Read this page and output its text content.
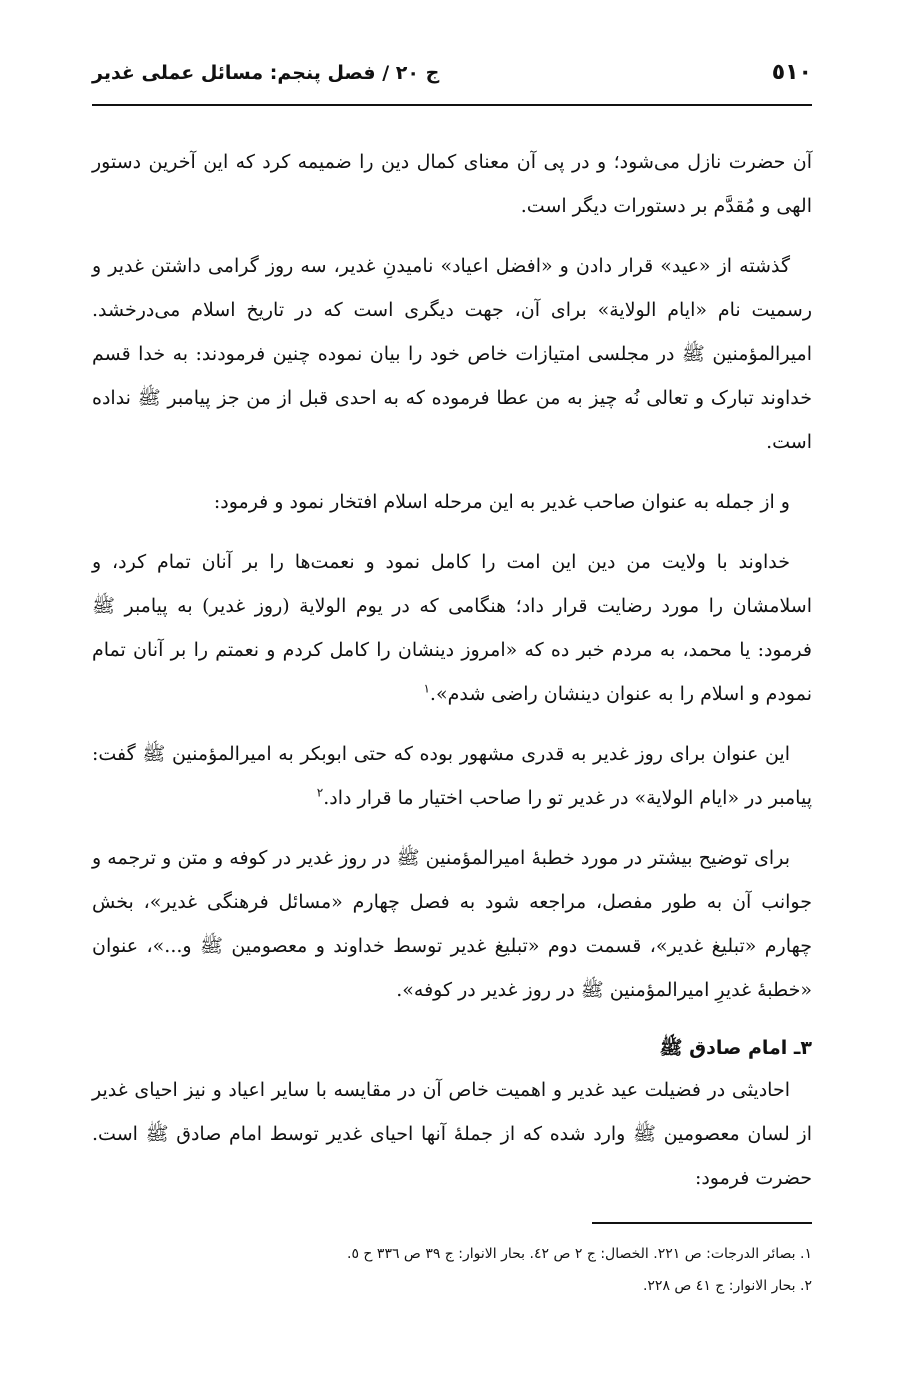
٥١٠
ج ٢٠ / فصل پنجم: مسائل عملی غدیر

آن حضرت نازل می‌شود؛ و در پی آن معنای کمال دین را ضمیمه کرد که این آخرین دستور الهی و مُقدَّم بر دستورات دیگر است.

گذشته از «عید» قرار دادن و «افضل اعیاد» نامیدنِ غدیر، سه روز گرامی داشتن غدیر و رسمیت نام «ایام الولایة» برای آن، جهت دیگری است که در تاریخ اسلام می‌درخشد. امیرالمؤمنین ﷺ در مجلسی امتیازات خاص خود را بیان نموده چنین فرمودند: به خدا قسم خداوند تبارک و تعالی نُه چیز به من عطا فرموده که به احدی قبل از من جز پیامبر ﷺ نداده است.

و از جمله به عنوان صاحب غدیر به این مرحله اسلام افتخار نمود و فرمود:

خداوند با ولایت من دین این امت را کامل نمود و نعمت‌ها را بر آنان تمام کرد، و اسلامشان را مورد رضایت قرار داد؛ هنگامی که در یوم الولایة (روز غدیر) به پیامبر ﷺ فرمود: یا محمد، به مردم خبر ده که «امروز دینشان را کامل کردم و نعمتم را بر آنان تمام نمودم و اسلام را به عنوان دینشان راضی شدم».$^١$

این عنوان برای روز غدیر به قدری مشهور بوده که حتی ابوبکر به امیرالمؤمنین ﷺ گفت: پیامبر در «ایام الولایة» در غدیر تو را صاحب اختیار ما قرار داد.$^٢$

برای توضیح بیشتر در مورد خطبهٔ امیرالمؤمنین ﷺ در روز غدیر در کوفه و متن و ترجمه و جوانب آن به طور مفصل، مراجعه شود به فصل چهارم «مسائل فرهنگی غدیر»، بخش چهارم «تبلیغ غدیر»، قسمت دوم «تبلیغ غدیر توسط خداوند و معصومین ﷺ و...»، عنوان «خطبهٔ غدیرِ امیرالمؤمنین ﷺ در روز غدیر در کوفه».

٣ـ امام صادق ﷺ

احادیثی در فضیلت عید غدیر و اهمیت خاص آن در مقایسه با سایر اعیاد و نیز احیای غدیر از لسان معصومین ﷺ وارد شده که از جملهٔ آنها احیای غدیر توسط امام صادق ﷺ است. حضرت فرمود:

١. بصائر الدرجات: ص ٢٢١. الخصال: ج ٢ ص ٤٢. بحار الانوار: ج ٣٩ ص ٣٣٦ ح ٥.
٢. بحار الانوار: ج ٤١ ص ٢٢٨.
